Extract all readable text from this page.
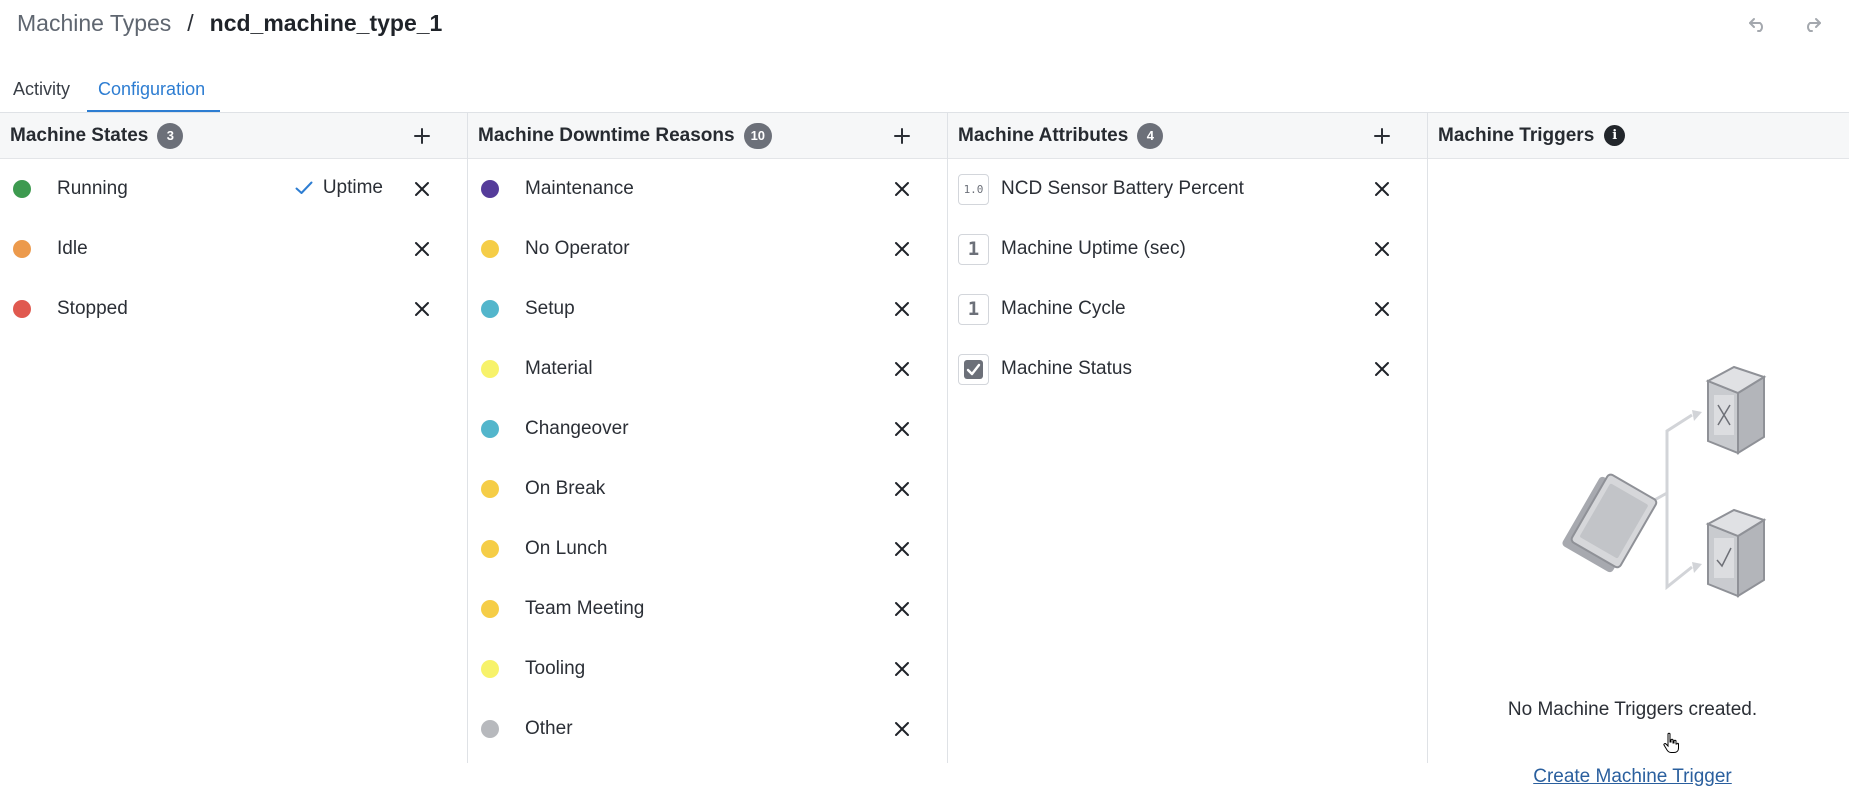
Machine Types / ncd_machine_type_1
Activity	Configuration
Machine States	3
Running	Uptime
Idle
Stopped
Machine Downtime Reasons	10
Maintenance
No Operator
Setup
Material
Changeover
On Break
On Lunch
Team Meeting
Tooling
Other
Machine Attributes	4
1.0 NCD Sensor Battery Percent
1	Machine Uptime (sec)
1	Machine Cycle
Machine Status
Machine Triggers	i
No Machine Triggers created.
Create Machine Trigger
